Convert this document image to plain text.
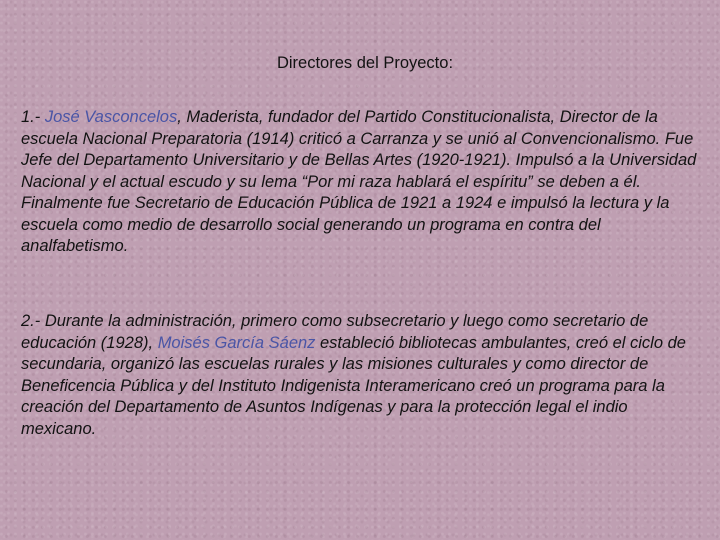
Directores del Proyecto:

1.- José Vasconcelos, Maderista, fundador del Partido Constitucionalista, Director de la escuela Nacional Preparatoria (1914) criticó a Carranza y se unió al Convencionalismo. Fue Jefe del Departamento Universitario y de Bellas Artes (1920-1921). Impulsó a la Universidad Nacional y el actual escudo y su lema “Por mi raza hablará el espíritu” se deben a él. Finalmente fue Secretario de Educación Pública de 1921 a 1924 e impulsó la lectura y la escuela como medio de desarrollo social generando un programa en contra del analfabetismo.

2.- Durante la administración, primero como subsecretario y luego como secretario de educación (1928), Moisés García Sáenz estableció bibliotecas ambulantes, creó el ciclo de secundaria, organizó las escuelas rurales y las misiones culturales y como director de Beneficencia Pública y del Instituto Indigenista Interamericano creó un programa para la creación del Departamento de Asuntos Indígenas y para la protección legal el indio mexicano.
